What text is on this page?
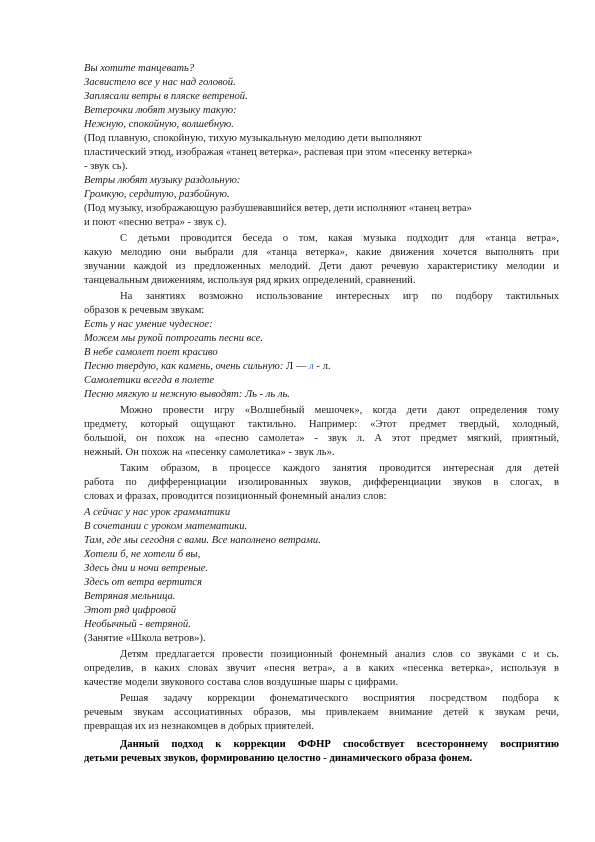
Вы хотите танцевать?

Засвистело все у нас над головой.

Заплясали ветры в пляске ветреной.

Ветерочки любят музыку такую:

Нежную, спокойную, волшебную.

(Под плавную, спокойную, тихую музыкальную мелодию дети выполняют

пластический этюд, изображая «танец ветерка», распевая при этом «песенку ветерка»

- звук сь).

Ветры любят музыку раздольную:

Громкую, сердитую, разбойную.

(Под музыку, изображающую разбушевавшийся ветер, дети исполняют «танец ветра»

и поют «песню ветра» - звук с).

С детьми проводится беседа о том, какая музыка подходит для «танца ветра»,

какую мелодию они выбрали для «танца ветерка», какие движения хочется выполнять при

звучании каждой из предложенных мелодий. Дети дают речевую характеристику мелодии и

танцевальным движениям, используя ряд ярких определений, сравнений.

На занятиях возможно использование интересных игр по подбору тактильных

образов к речевым звукам:

Есть у нас умение чудесное:

Можем мы рукой потрогать песни все.

В небе самолет поет красиво

Песню твердую, как камень, очень сильную: Л — л - л.

Самолетики всегда в полете

Песню мягкую и нежную выводят: Ль - ль ль.

Можно провести игру «Волшебный мешочек», когда дети дают определения тому

предмету, который ощущают тактильно. Например: «Этот предмет твердый, холодный,

большой, он похож на «песню самолета» - звук л. А этот предмет мягкий, приятный,

нежный. Он похож на «песенку самолетика» - звук ль».

Таким образом, в процессе каждого занятия проводится интересная для детей

работа по дифференциации изолированных звуков, дифференциации звуков в слогах, в

словах и фразах, проводится позиционный фонемный анализ слов:

А сейчас у нас урок грамматики

В сочетании с уроком математики.

Там, где мы сегодня с вами. Все наполнено ветрами.

Хотели б, не хотели б вы,

Здесь дни и ночи ветреные.

Здесь от ветра вертится

Ветряная мельница.

Этот ряд цифровой

Необычный - ветряной.

(Занятие «Школа ветров»).

Детям предлагается провести позиционный фонемный анализ слов со звуками с и сь.

определив, в каких словах звучит «песня ветра», а в каких «песенка ветерка», используя в

качестве модели звукового состава слов воздушные шары с цифрами.

Решая задачу коррекции фонематического восприятия посредством подбора к

речевым звукам ассоциативных образов, мы привлекаем внимание детей к звукам речи,

превращая их из незнакомцев в добрых приятелей.

Данный подход к коррекции ФФНР способствует всестороннему восприятию

детьми речевых звуков, формированию целостно - динамического образа фонем.
